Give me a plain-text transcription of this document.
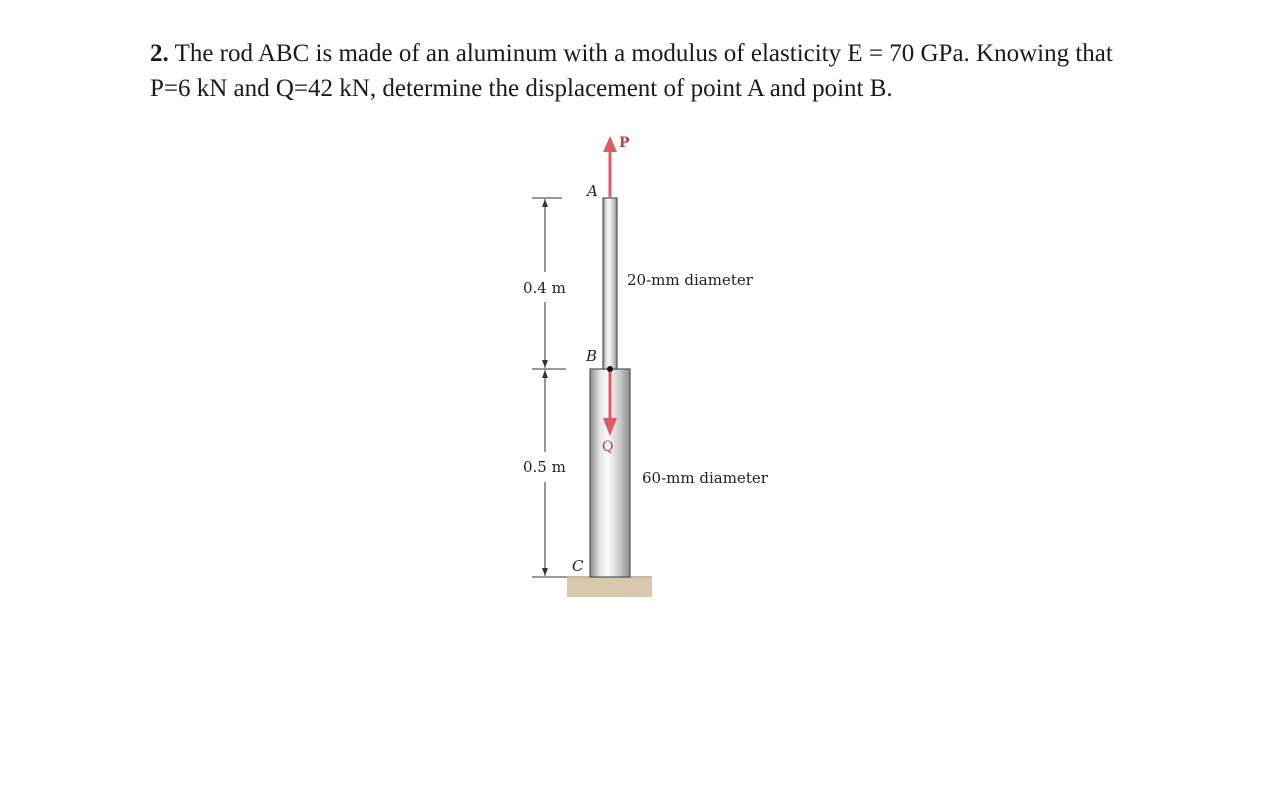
2. The rod ABC is made of an aluminum with a modulus of elasticity E = 70 GPa. Knowing that P=6 kN and Q=42 kN, determine the displacement of point A and point B.
A
B
C
P
Q
0.4 m
0.5 m
20-mm diameter
60-mm diameter
